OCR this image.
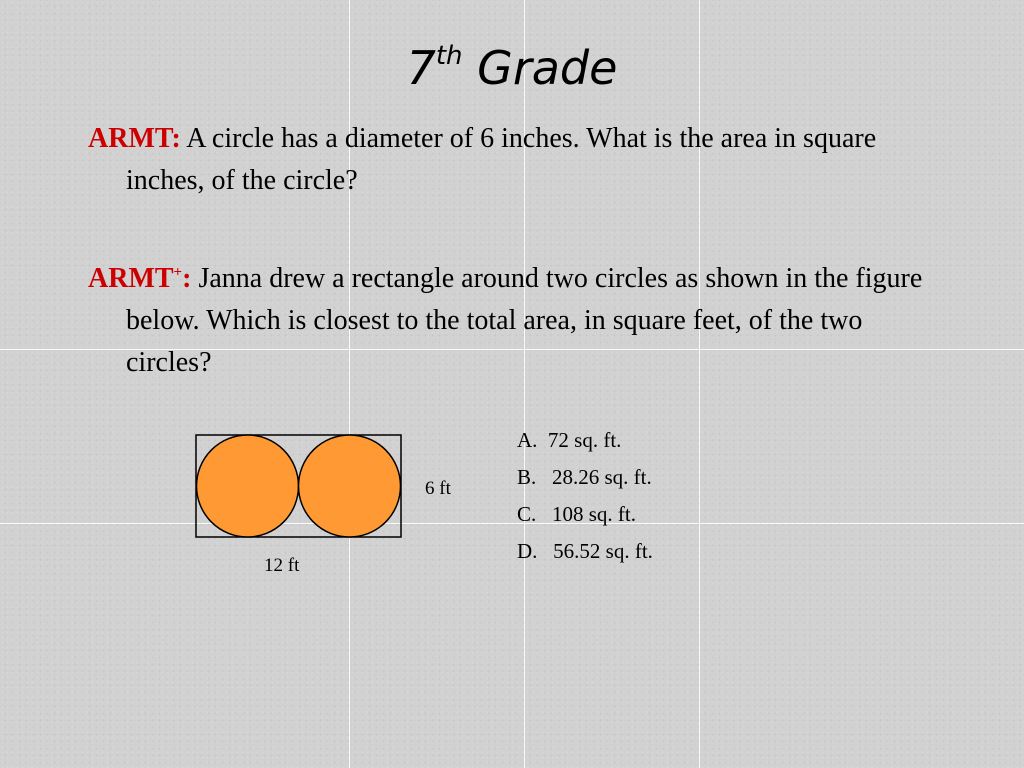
7th Grade
ARMT: A circle has a diameter of 6 inches. What is the area in square inches, of the circle?
ARMT+: Janna drew a rectangle around two circles as shown in the figure below. Which is closest to the total area, in square feet, of the two circles?
6 ft
12 ft
A.  72 sq. ft.
B.   28.26 sq. ft.
C.   108 sq. ft.
D.   56.52 sq. ft.
